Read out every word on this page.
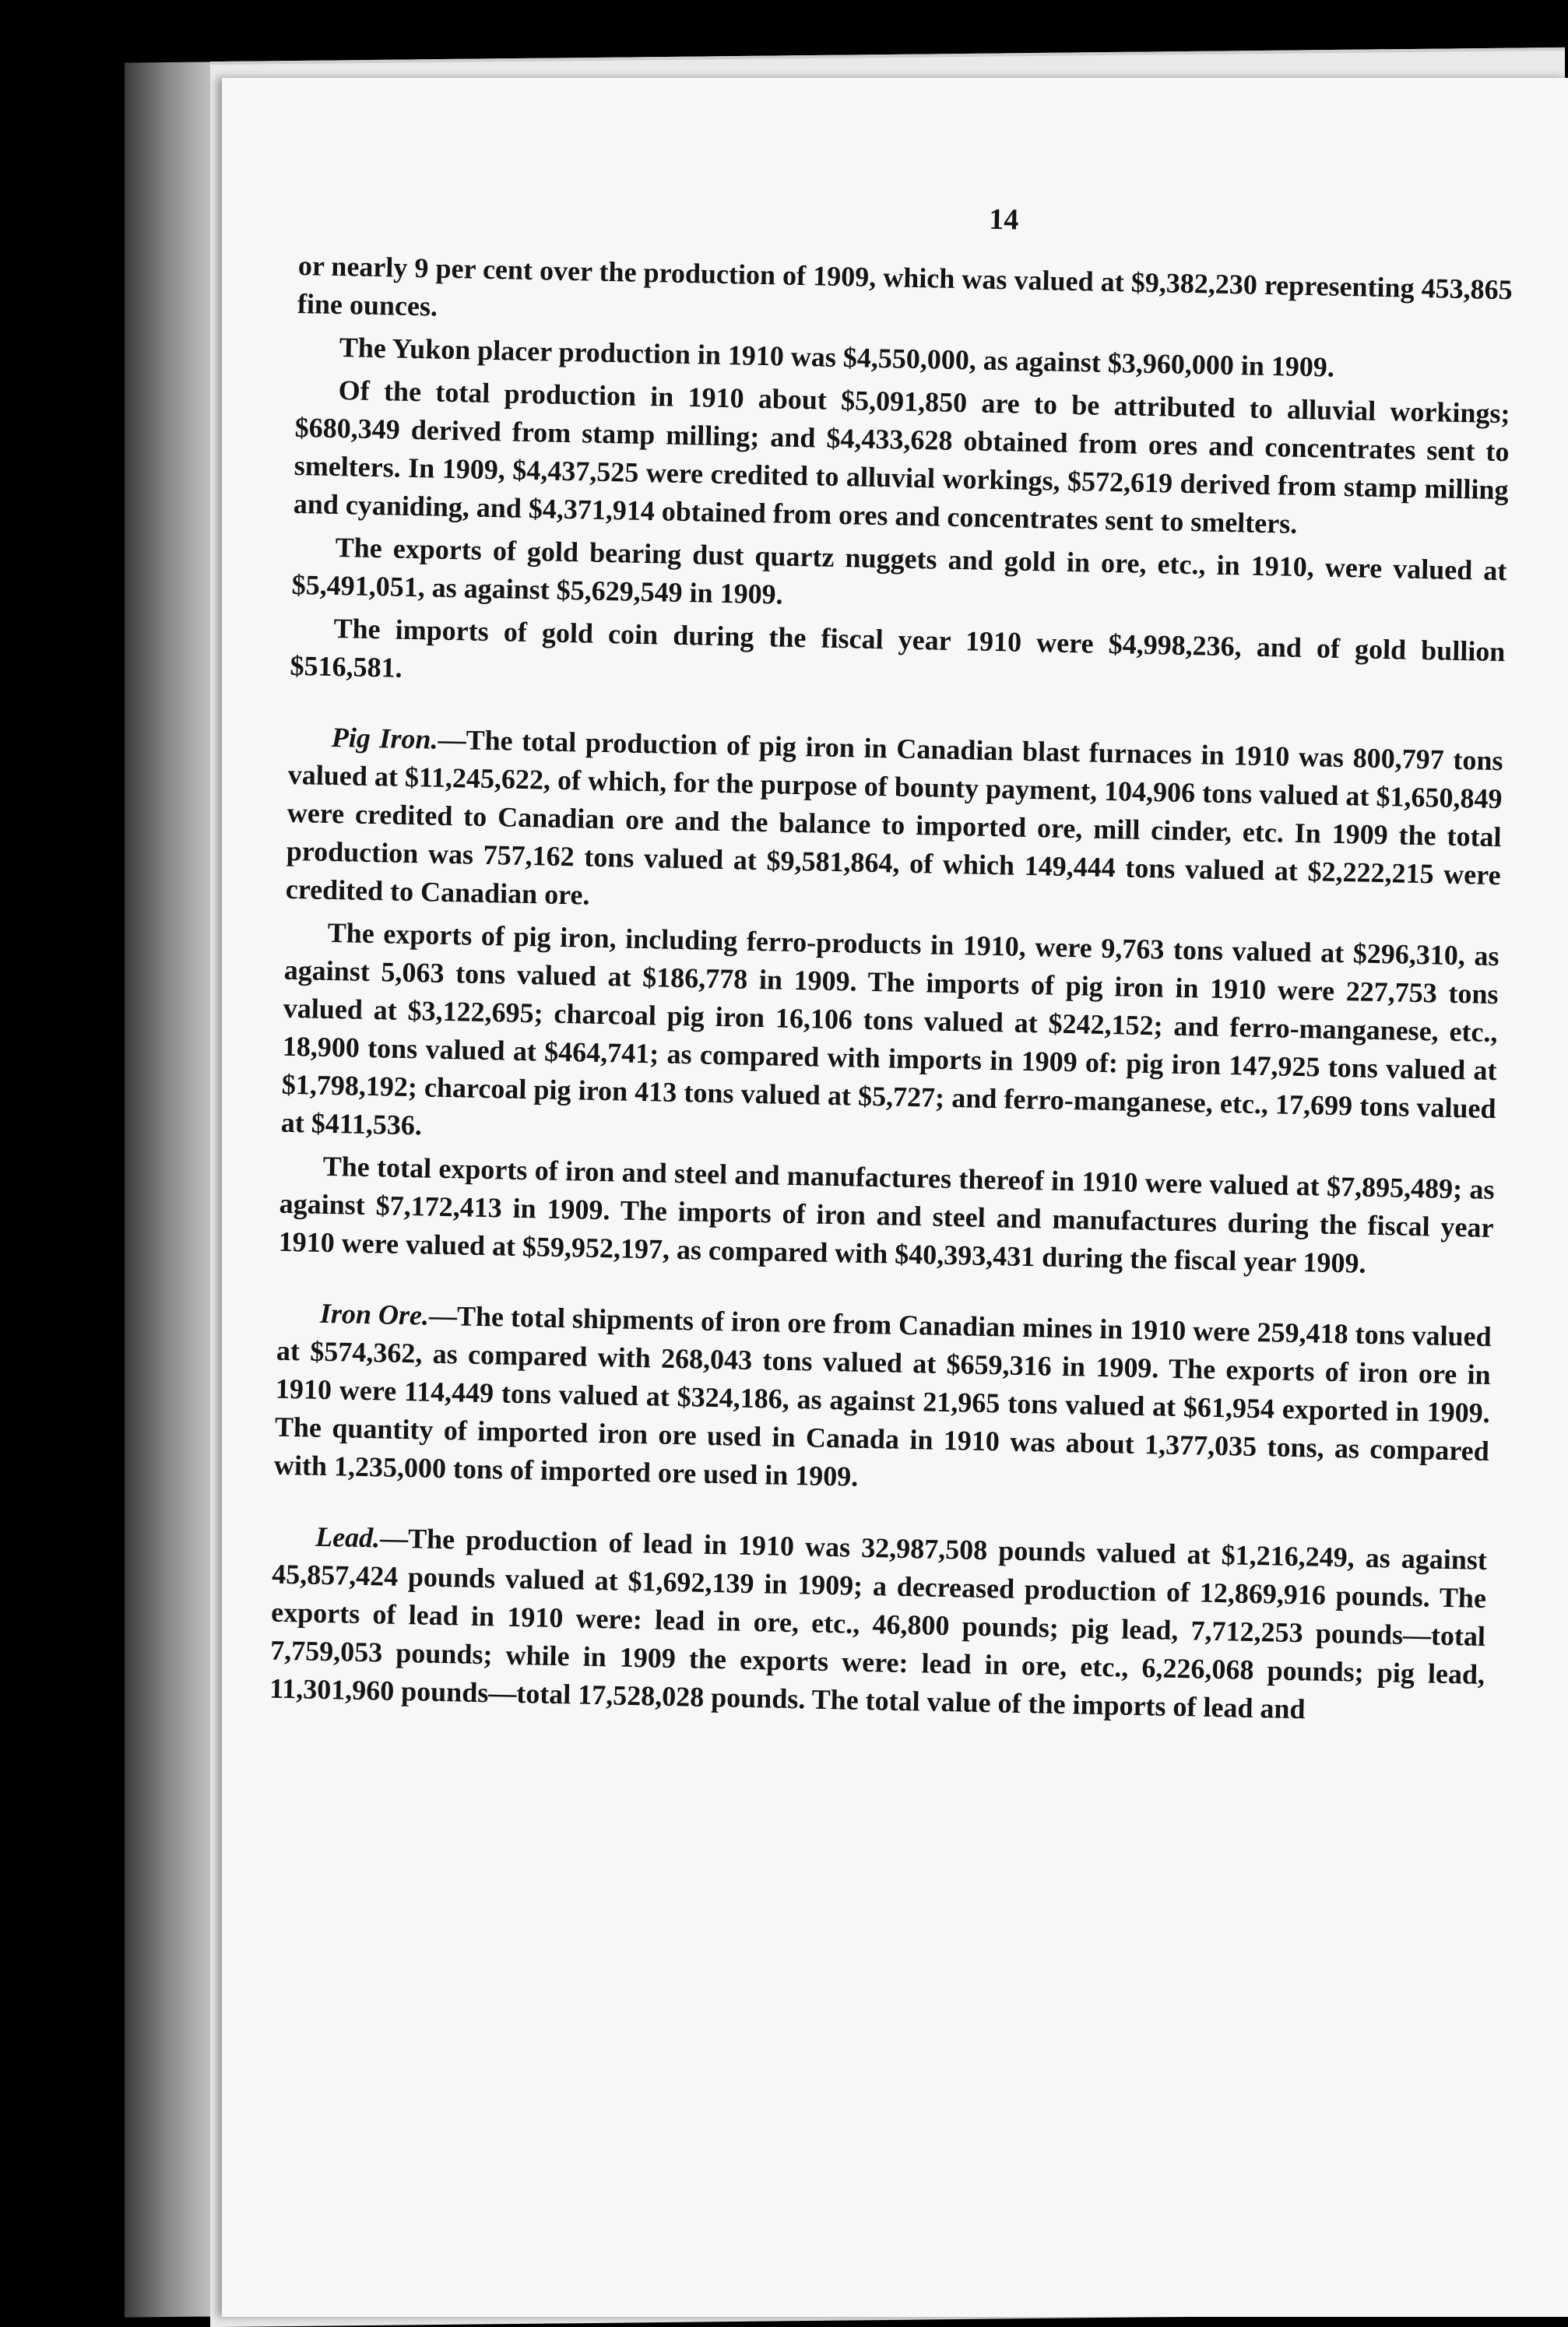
14

or nearly 9 per cent over the production of 1909, which was valued at $9,382,230 representing 453,865 fine ounces.

The Yukon placer production in 1910 was $4,550,000, as against $3,960,000 in 1909.

Of the total production in 1910 about $5,091,850 are to be attributed to alluvial workings; $680,349 derived from stamp milling; and $4,433,628 obtained from ores and concentrates sent to smelters. In 1909, $4,437,525 were credited to alluvial workings, $572,619 derived from stamp milling and cyaniding, and $4,371,914 obtained from ores and concentrates sent to smelters.

The exports of gold bearing dust quartz nuggets and gold in ore, etc., in 1910, were valued at $5,491,051, as against $5,629,549 in 1909.

The imports of gold coin during the fiscal year 1910 were $4,998,236, and of gold bullion $516,581.

Pig Iron.—The total production of pig iron in Canadian blast furnaces in 1910 was 800,797 tons valued at $11,245,622, of which, for the purpose of bounty payment, 104,906 tons valued at $1,650,849 were credited to Canadian ore and the balance to imported ore, mill cinder, etc. In 1909 the total production was 757,162 tons valued at $9,581,864, of which 149,444 tons valued at $2,222,215 were credited to Canadian ore.

The exports of pig iron, including ferro-products in 1910, were 9,763 tons valued at $296,310, as against 5,063 tons valued at $186,778 in 1909. The imports of pig iron in 1910 were 227,753 tons valued at $3,122,695; charcoal pig iron 16,106 tons valued at $242,152; and ferro-manganese, etc., 18,900 tons valued at $464,741; as compared with imports in 1909 of: pig iron 147,925 tons valued at $1,798,192; charcoal pig iron 413 tons valued at $5,727; and ferro-manganese, etc., 17,699 tons valued at $411,536.

The total exports of iron and steel and manufactures thereof in 1910 were valued at $7,895,489; as against $7,172,413 in 1909. The imports of iron and steel and manufactures during the fiscal year 1910 were valued at $59,952,197, as compared with $40,393,431 during the fiscal year 1909.

Iron Ore.—The total shipments of iron ore from Canadian mines in 1910 were 259,418 tons valued at $574,362, as compared with 268,043 tons valued at $659,316 in 1909. The exports of iron ore in 1910 were 114,449 tons valued at $324,186, as against 21,965 tons valued at $61,954 exported in 1909. The quantity of imported iron ore used in Canada in 1910 was about 1,377,035 tons, as compared with 1,235,000 tons of imported ore used in 1909.

Lead.—The production of lead in 1910 was 32,987,508 pounds valued at $1,216,249, as against 45,857,424 pounds valued at $1,692,139 in 1909; a decreased production of 12,869,916 pounds. The exports of lead in 1910 were: lead in ore, etc., 46,800 pounds; pig lead, 7,712,253 pounds—total 7,759,053 pounds; while in 1909 the exports were: lead in ore, etc., 6,226,068 pounds; pig lead, 11,301,960 pounds—total 17,528,028 pounds. The total value of the imports of lead and
